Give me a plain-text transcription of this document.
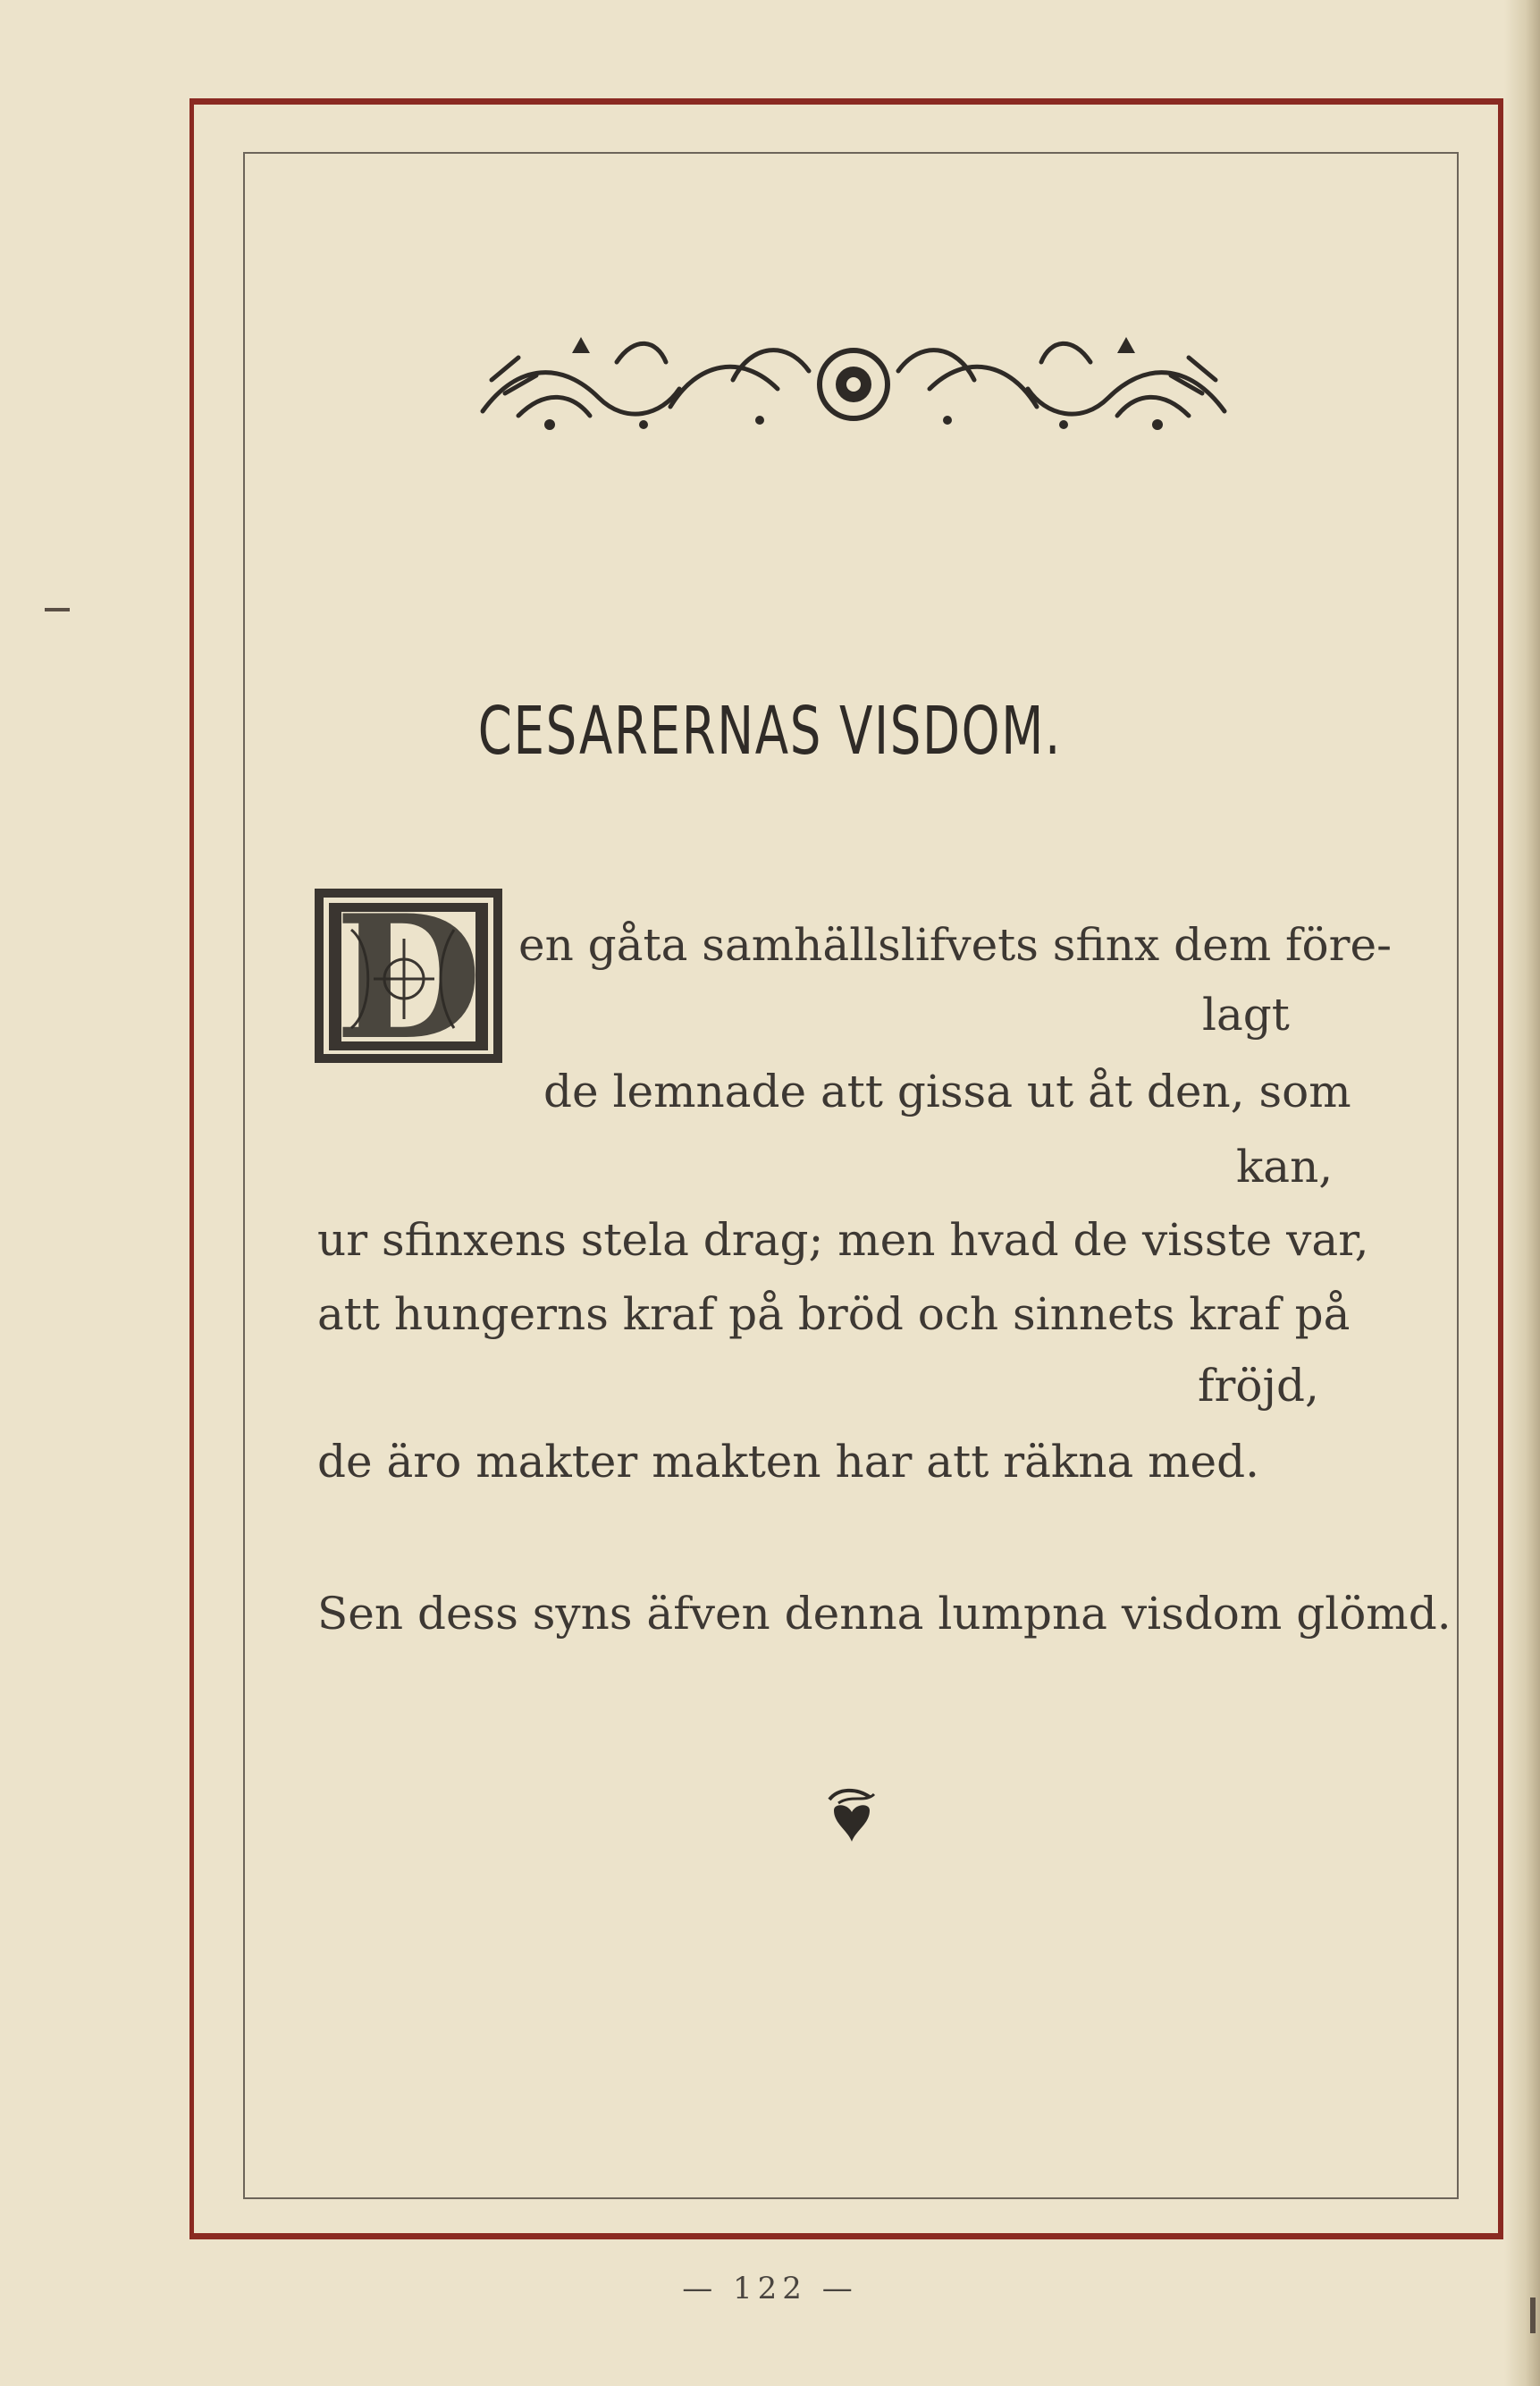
CESARERNAS VISDOM.
D en gåta samhällslifvets sfinx dem före-
lagt
de lemnade att gissa ut åt den, som
kan,
ur sfinxens stela drag; men hvad de visste var,
att hungerns kraf på bröd och sinnets kraf på
fröjd,
de äro makter makten har att räkna med.
Sen dess syns äfven denna lumpna visdom glömd.
— 122 —
